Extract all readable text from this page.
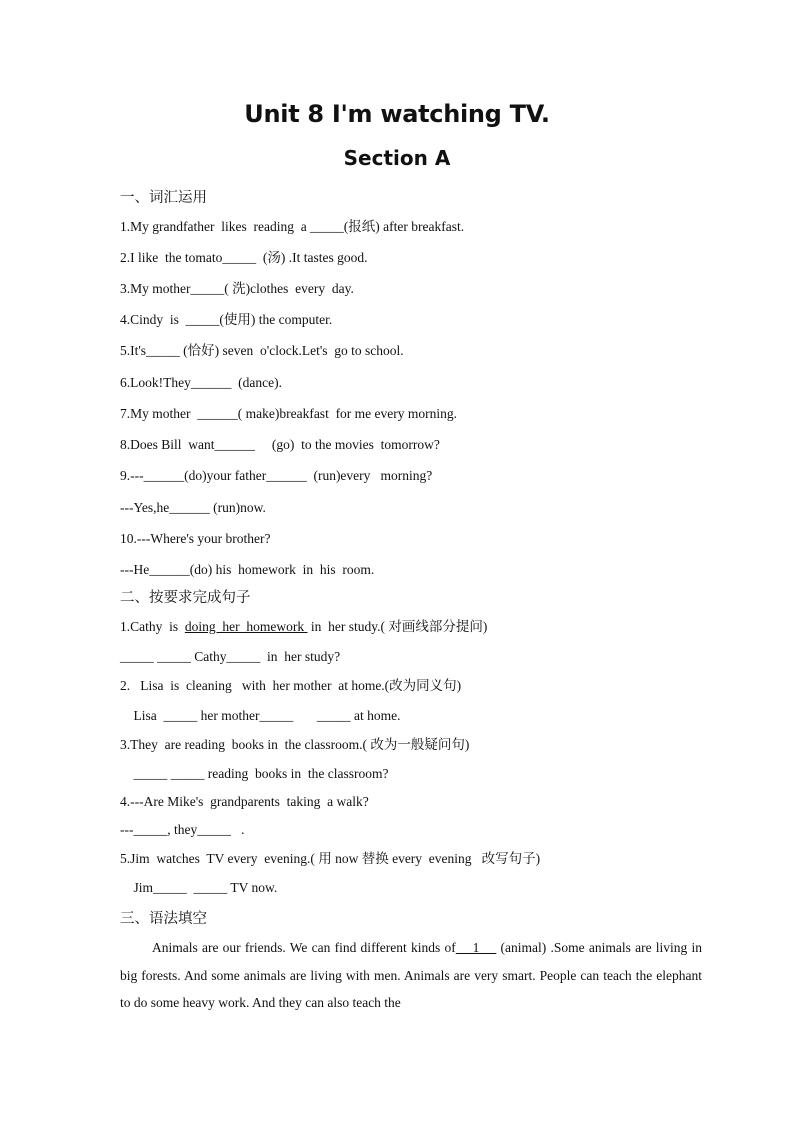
Unit 8 I'm watching TV.
Section A
一、词汇运用
1.My grandfather  likes  reading  a _____(报纸) after breakfast.
2.I like  the tomato_____  (汤) .It tastes good.
3.My mother_____( 洗)clothes  every  day.
4.Cindy  is  _____(使用) the computer.
5.It's_____ (恰好) seven  o'clock.Let's  go to school.
6.Look!They______  (dance).
7.My mother  ______( make)breakfast  for me every morning.
8.Does Bill  want______     (go)  to the movies  tomorrow?
9.---______(do)your father______  (run)every   morning?
---Yes,he______ (run)now.
10.---Where's your brother?
---He______(do) his  homework  in  his  room.
二、按要求完成句子
1.Cathy  is  doing  her  homework  in  her study.( 对画线部分提问)
_____ _____ Cathy_____  in  her study?
2.   Lisa  is  cleaning   with  her mother  at home.(改为同义句)
Lisa  _____ her mother_____       _____ at home.
3.They  are reading  books in  the classroom.( 改为一般疑问句)
_____ _____ reading  books in  the classroom?
4.---Are Mike's  grandparents  taking  a walk?
---_____, they_____   .
5.Jim  watches  TV every  evening.( 用 now 替换 every  evening   改写句子)
Jim_____  _____ TV now.
三、语法填空
Animals are our friends. We can find different kinds of    1     (animal) .Some animals are living in big forests. And some animals are living with men. Animals are very smart. People can teach the elephant to do some heavy work. And they can also teach the
